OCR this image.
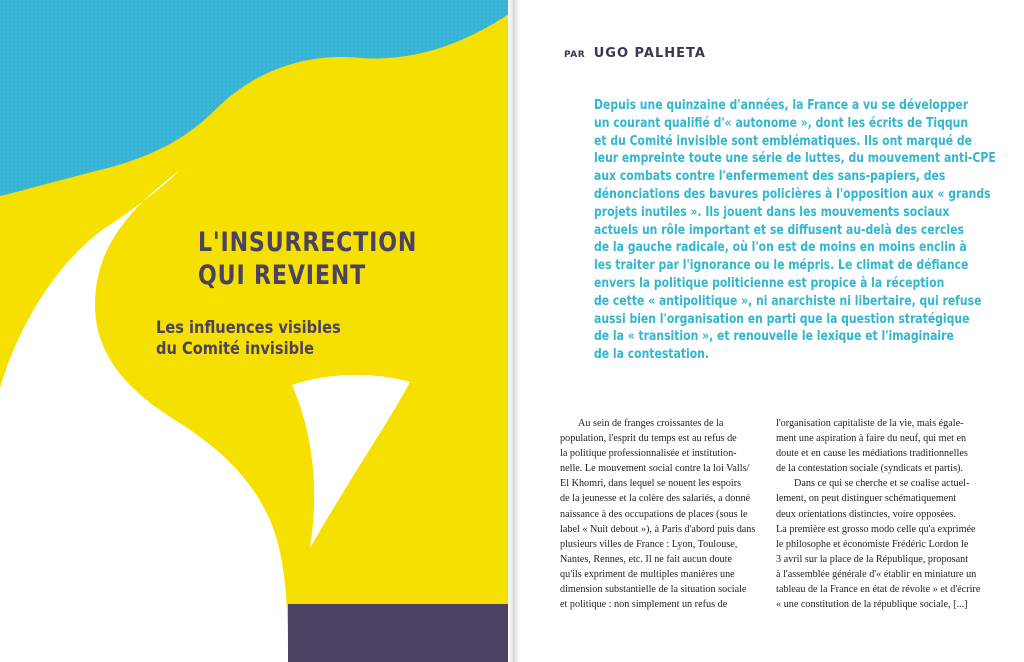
L'INSURRECTION
QUI REVIENT
Les influences visibles
du Comité invisible
PAR UGO PALHETA
Depuis une quinzaine d'années, la France a vu se développer
un courant qualifié d'« autonome », dont les écrits de Tiqqun
et du Comité invisible sont emblématiques. Ils ont marqué de
leur empreinte toute une série de luttes, du mouvement anti-CPE
aux combats contre l'enfermement des sans-papiers, des
dénonciations des bavures policières à l'opposition aux « grands
projets inutiles ». Ils jouent dans les mouvements sociaux
actuels un rôle important et se diffusent au-delà des cercles
de la gauche radicale, où l'on est de moins en moins enclin à
les traiter par l'ignorance ou le mépris. Le climat de défiance
envers la politique politicienne est propice à la réception
de cette « antipolitique », ni anarchiste ni libertaire, qui refuse
aussi bien l'organisation en parti que la question stratégique
de la « transition », et renouvelle le lexique et l'imaginaire
de la contestation.
Au sein de franges croissantes de la
population, l'esprit du temps est au refus de
la politique professionnalisée et institution-
nelle. Le mouvement social contre la loi Valls/
El Khomri, dans lequel se nouent les espoirs
de la jeunesse et la colère des salariés, a donné
naissance à des occupations de places (sous le
label « Nuit debout »), à Paris d'abord puis dans
plusieurs villes de France : Lyon, Toulouse,
Nantes, Rennes, etc. Il ne fait aucun doute
qu'ils expriment de multiples manières une
dimension substantielle de la situation sociale
et politique : non simplement un refus de
l'organisation capitaliste de la vie, mais égale-
ment une aspiration à faire du neuf, qui met en
doute et en cause les médiations traditionnelles
de la contestation sociale (syndicats et partis).
Dans ce qui se cherche et se coalise actuel-
lement, on peut distinguer schématiquement
deux orientations distinctes, voire opposées.
La première est grosso modo celle qu'a exprimée
le philosophe et économiste Frédéric Lordon le
3 avril sur la place de la République, proposant
à l'assemblée générale d'« établir en miniature un
tableau de la France en état de révolte » et d'écrire
« une constitution de la république sociale, [...]
